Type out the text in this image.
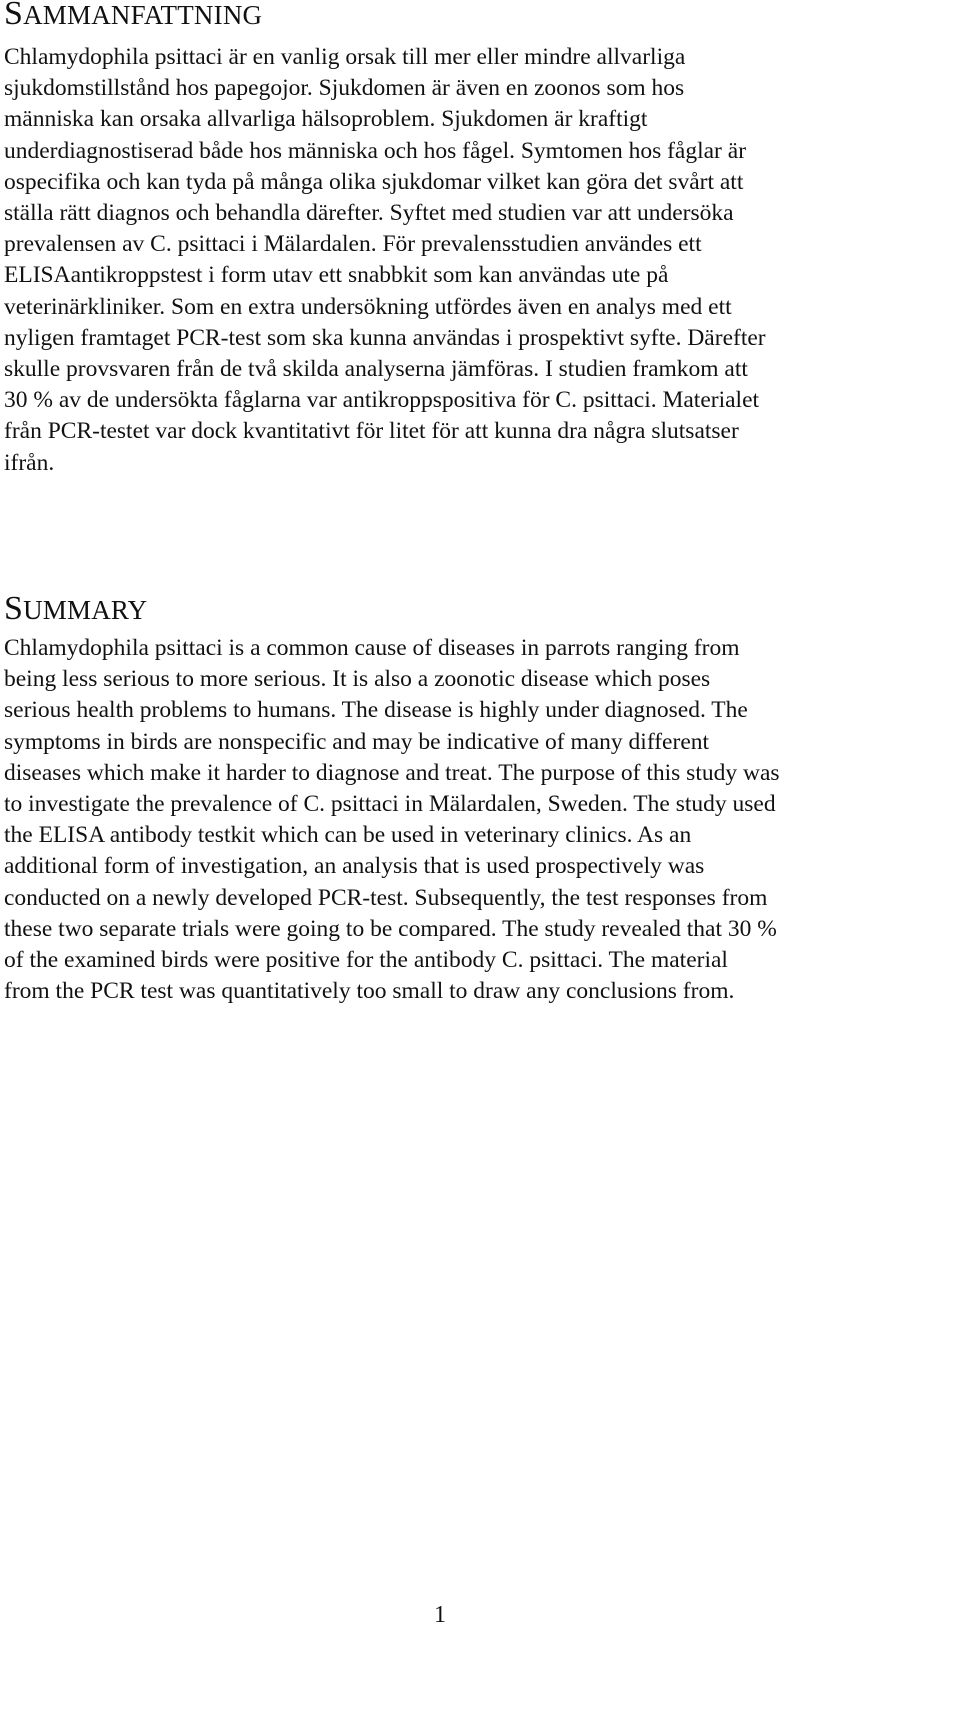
SAMMANFATTNING
Chlamydophila psittaci är en vanlig orsak till mer eller mindre allvarliga
sjukdomstillstånd hos papegojor. Sjukdomen är även en zoonos som hos
människa kan orsaka allvarliga hälsoproblem. Sjukdomen är kraftigt
underdiagnostiserad både hos människa och hos fågel. Symtomen hos fåglar är
ospecifika och kan tyda på många olika sjukdomar vilket kan göra det svårt att
ställa rätt diagnos och behandla därefter. Syftet med studien var att undersöka
prevalensen av C. psittaci i Mälardalen. För prevalensstudien användes ett
ELISAantikroppstest i form utav ett snabbkit som kan användas ute på
veterinärkliniker. Som en extra undersökning utfördes även en analys med ett
nyligen framtaget PCR-test som ska kunna användas i prospektivt syfte. Därefter
skulle provsvaren från de två skilda analyserna jämföras. I studien framkom att
30 % av de undersökta fåglarna var antikroppspositiva för C. psittaci. Materialet
från PCR-testet var dock kvantitativt för litet för att kunna dra några slutsatser
ifrån.
SUMMARY
Chlamydophila psittaci is a common cause of diseases in parrots ranging from
being less serious to more serious. It is also a zoonotic disease which poses
serious health problems to humans. The disease is highly under diagnosed. The
symptoms in birds are nonspecific and may be indicative of many different
diseases which make it harder to diagnose and treat. The purpose of this study was
to investigate the prevalence of C. psittaci in Mälardalen, Sweden. The study used
the ELISA antibody testkit which can be used in veterinary clinics. As an
additional form of investigation, an analysis that is used prospectively was
conducted on a newly developed PCR-test. Subsequently, the test responses from
these two separate trials were going to be compared. The study revealed that 30 %
of the examined birds were positive for the antibody C. psittaci. The material
from the PCR test was quantitatively too small to draw any conclusions from.
1
